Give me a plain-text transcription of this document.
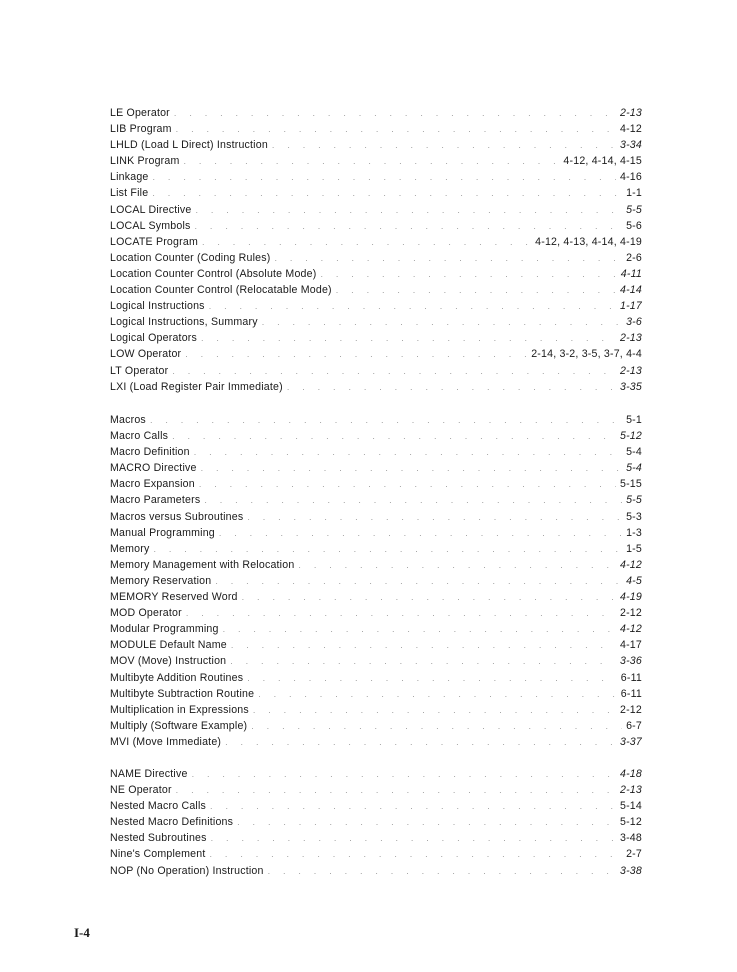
LE Operator . . .	2-13
LIB Program . . .	4-12
LHLD (Load L Direct) Instruction . . .	3-34
LINK Program . . .	4-12, 4-14, 4-15
Linkage . . .	4-16
List File . . .	1-1
LOCAL Directive . . .	5-5
LOCAL Symbols . . .	5-6
LOCATE Program . . .	4-12, 4-13, 4-14, 4-19
Location Counter (Coding Rules) . . .	2-6
Location Counter Control (Absolute Mode) . . .	4-11
Location Counter Control (Relocatable Mode) . . .	4-14
Logical Instructions . . .	1-17
Logical Instructions, Summary . . .	3-6
Logical Operators . . .	2-13
LOW Operator . . .	2-14, 3-2, 3-5, 3-7, 4-4
LT Operator . . .	2-13
LXI (Load Register Pair Immediate) . . .	3-35
Macros . . .	5-1
Macro Calls . . .	5-12
Macro Definition . . .	5-4
MACRO Directive . . .	5-4
Macro Expansion . . .	5-15
Macro Parameters . . .	5-5
Macros versus Subroutines . . .	5-3
Manual Programming . . .	1-3
Memory . . .	1-5
Memory Management with Relocation . . .	4-12
Memory Reservation . . .	4-5
MEMORY Reserved Word . . .	4-19
MOD Operator . . .	2-12
Modular Programming . . .	4-12
MODULE Default Name . . .	4-17
MOV (Move) Instruction . . .	3-36
Multibyte Addition Routines . . .	6-11
Multibyte Subtraction Routine . . .	6-11
Multiplication in Expressions . . .	2-12
Multiply (Software Example) . . .	6-7
MVI (Move Immediate) . . .	3-37
NAME Directive . . .	4-18
NE Operator . . .	2-13
Nested Macro Calls . . .	5-14
Nested Macro Definitions . . .	5-12
Nested Subroutines . . .	3-48
Nine's Complement . . .	2-7
NOP (No Operation) Instruction . . .	3-38
I-4
